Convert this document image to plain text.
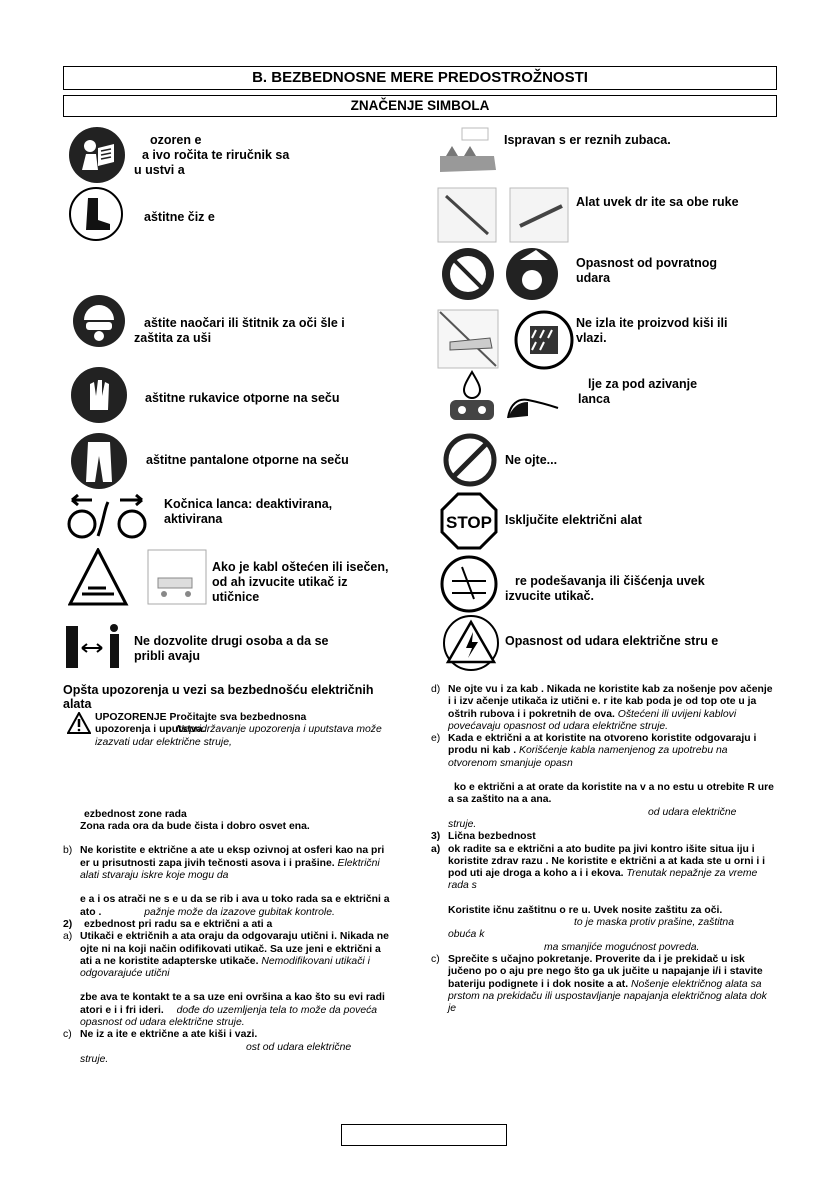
B. BEZBEDNOSNE MERE PREDOSTROŽNOSTI
ZNAČENJE SIMBOLA
STOP
ozoren e
a ivo ročita te riručnik sa
u ustvi a
aštitne čiz e
aštite naočari ili štitnik za oči šle i
zaštita za uši
aštitne rukavice otporne na seču
aštitne pantalone otporne na seču
Kočnica lanca: deaktivirana,
aktivirana
Ako je kabl oštećen ili isečen,
od ah izvucite utikač iz
utičnice
Ne dozvolite drugi osoba a da se
pribli avaju
Ispravan s er reznih zubaca.
Alat uvek dr ite sa obe ruke
Opasnost od povratnog
udara
Ne izla ite proizvod kiši ili
vlazi.
lje za pod azivanje
lanca
Ne ojte...
Isključite električni alat
re podešavanja ili čišćenja uvek
izvucite utikač.
Opasnost od udara električne stru e

Opšta upozorenja u vezi sa bezbednošću električnih alata

UPOZORENJE Pročitajte sva bezbednosna
upozorenja i uputstva. Nepridržavanje upozorenja i uputstava može izazvati udar električne struje,

ezbednost zone rada

Zona rada ora da bude čista i dobro osvet ena.

b) Ne koristite e ektrične a ate u eksp ozivnoj at osferi kao na pri er u prisutnosti zapa jivih tečnosti asova i i prašine. Električni alati stvaraju iskre koje mogu da

e a i os atrači ne s e u da se rib i ava u toko rada sa e ektrični a ato .	pažnje može da izazove gubitak kontrole.

2) ezbednost pri radu sa e ektrični a ati a

a) Utikači e ektričnih a ata oraju da odgovaraju utični i. Nikada ne ojte ni na koji način odifikovati utikač. Sa uze jeni e ektrični a ati a ne koristite adapterske utikače. Nemodifikovani utikači i odgovarajuće utični

zbe ava te kontakt te a sa uze eni ovršina a kao što su evi radi atori e i i fri ideri. dođe do uzemljenja tela to može da poveća opasnost od udara električne struje.

c) Ne iz a ite e ektrične a ate kiši i vazi.
ost od udara električne
struje.

d) Ne ojte vu i za kab . Nikada ne koristite kab za nošenje pov ačenje i i izv ačenje utikača iz utični e. r ite kab poda je od top ote u ja oštrih rubova i i pokretnih de ova. Oštećeni ili uvijeni kablovi povećavaju opasnost od udara električne struje.

e) Kada e ektrični a at koristite na otvoreno koristite odgovaraju i produ ni kab . Korišćenje kabla namenjenog za upotrebu na otvorenom smanjuje opasn

ko e ektrični a at orate da koristite na v a no estu u otrebite R ure a sa zaštito na a ana.
od udara električne
struje.

3) Lična bezbednost

a) ok radite sa e ektrični a ato budite pa jivi kontro išite situa iju i koristite zdrav razu . Ne koristite e ektrični a at kada ste u orni i i pod uti aje droga a koho a i i ekova. Trenutak nepažnje za vreme rada s

Koristite ičnu zaštitnu o re u. Uvek nosite zaštitu za oči.
to je maska protiv prašine, zaštitna
obuća k
ma smanjiće mogućnost povreda.

c) Sprečite s učajno pokretanje. Proverite da i je prekidač u isk jučeno po o aju pre nego što ga uk jučite u napajanje i/i i stavite bateriju podignete i i dok nosite a at. Nošenje električnog alata sa prstom na prekidaču ili uspostavljanje napajanja električnog alata dok je
